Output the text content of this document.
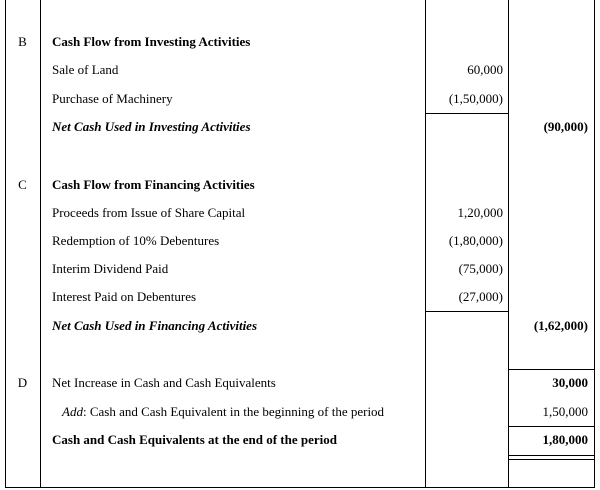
B	Cash Flow from Investing Activities
Sale of Land	60,000
Purchase of Machinery	(1,50,000)
Net Cash Used in Investing Activities	(90,000)
C	Cash Flow from Financing Activities
Proceeds from Issue of Share Capital	1,20,000
Redemption of 10% Debentures	(1,80,000)
Interim Dividend Paid	(75,000)
Interest Paid on Debentures	(27,000)
Net Cash Used in Financing Activities	(1,62,000)
D	Net Increase in Cash and Cash Equivalents	30,000
Add: Cash and Cash Equivalent in the beginning of the period	1,50,000
Cash and Cash Equivalents at the end of the period	1,80,000
